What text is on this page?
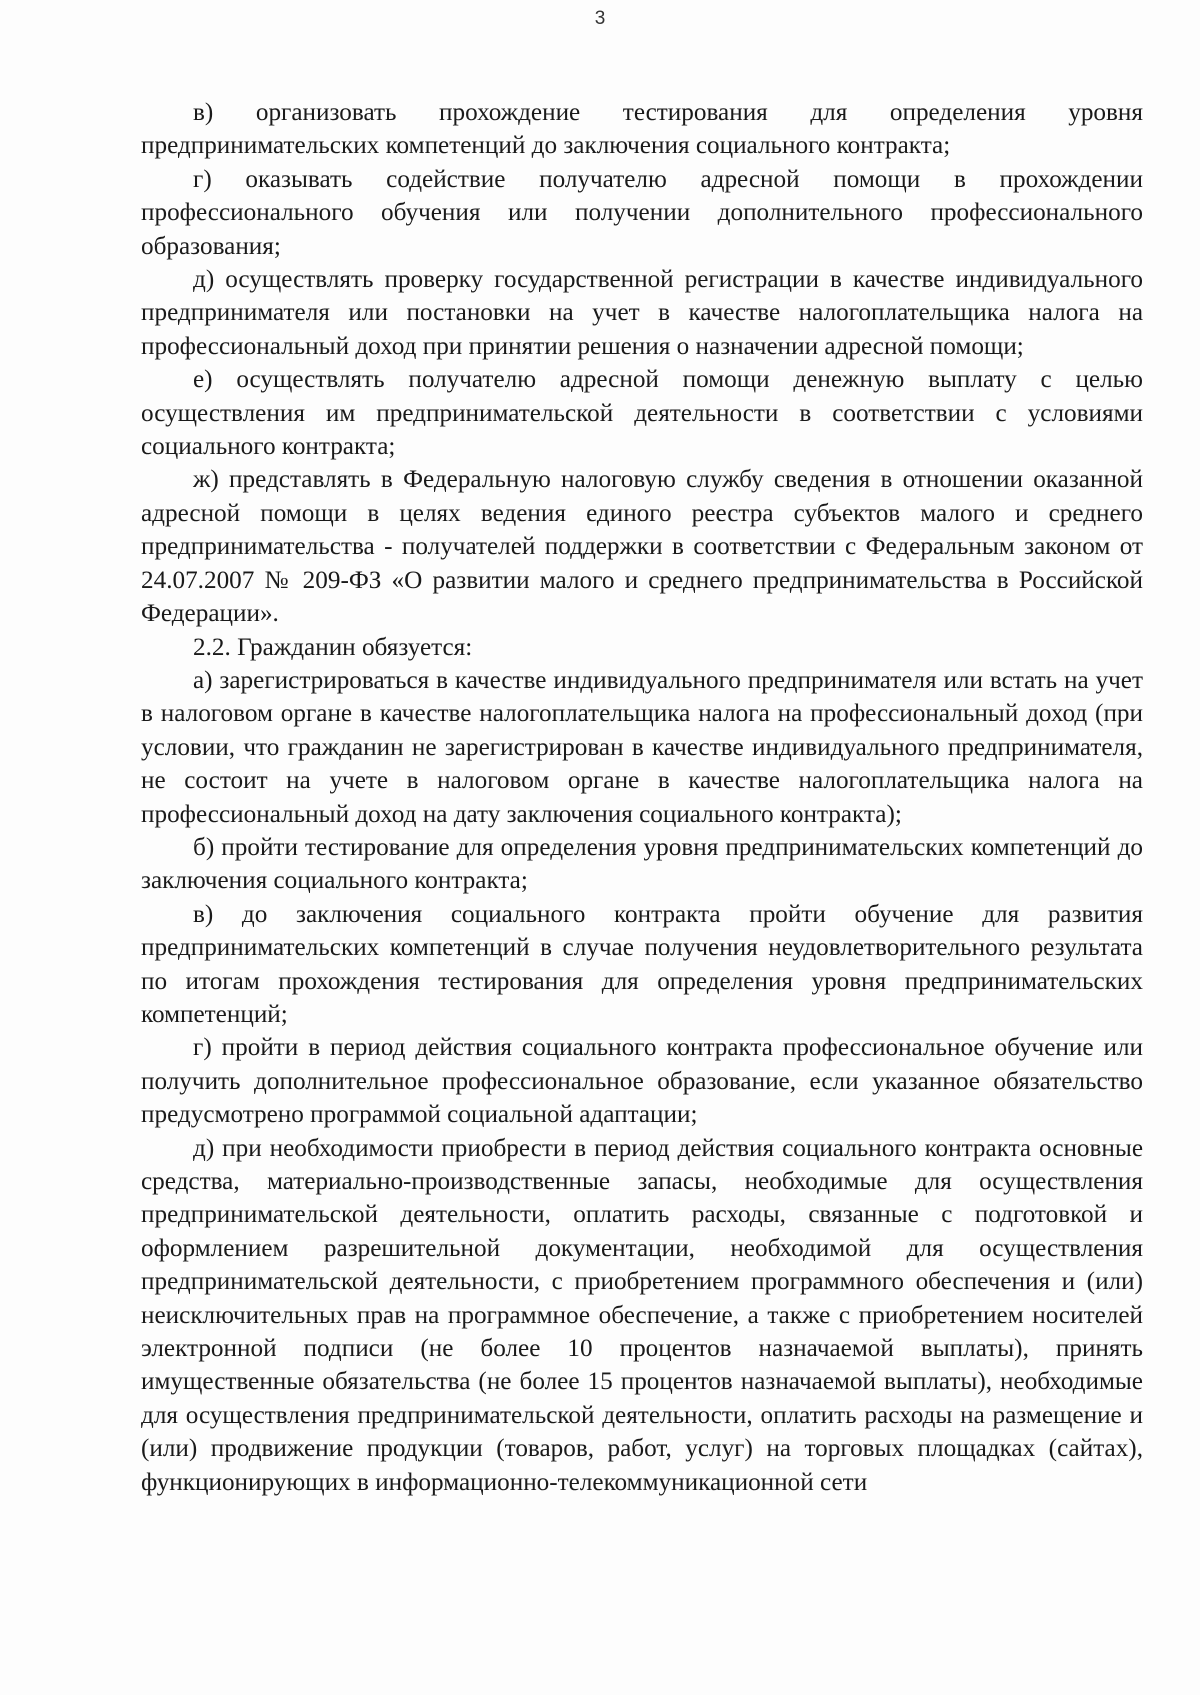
3

в) организовать прохождение тестирования для определения уровня предпринимательских компетенций до заключения социального контракта;

г) оказывать содействие получателю адресной помощи в прохождении профессионального обучения или получении дополнительного профессионального образования;

д) осуществлять проверку государственной регистрации в качестве индивидуального предпринимателя или постановки на учет в качестве налогоплательщика налога на профессиональный доход при принятии решения о назначении адресной помощи;

е) осуществлять получателю адресной помощи денежную выплату с целью осуществления им предпринимательской деятельности в соответствии с условиями социального контракта;

ж) представлять в Федеральную налоговую службу сведения в отношении оказанной адресной помощи в целях ведения единого реестра субъектов малого и среднего предпринимательства - получателей поддержки в соответствии с Федеральным законом от 24.07.2007 № 209-ФЗ «О развитии малого и среднего предпринимательства в Российской Федерации».

2.2. Гражданин обязуется:

а) зарегистрироваться в качестве индивидуального предпринимателя или встать на учет в налоговом органе в качестве налогоплательщика налога на профессиональный доход (при условии, что гражданин не зарегистрирован в качестве индивидуального предпринимателя, не состоит на учете в налоговом органе в качестве налогоплательщика налога на профессиональный доход на дату заключения социального контракта);

б) пройти тестирование для определения уровня предпринимательских компетенций до заключения социального контракта;

в) до заключения социального контракта пройти обучение для развития предпринимательских компетенций в случае получения неудовлетворительного результата по итогам прохождения тестирования для определения уровня предпринимательских компетенций;

г) пройти в период действия социального контракта профессиональное обучение или получить дополнительное профессиональное образование, если указанное обязательство предусмотрено программой социальной адаптации;

д) при необходимости приобрести в период действия социального контракта основные средства, материально-производственные запасы, необходимые для осуществления предпринимательской деятельности, оплатить расходы, связанные с подготовкой и оформлением разрешительной документации, необходимой для осуществления предпринимательской деятельности, с приобретением программного обеспечения и (или) неисключительных прав на программное обеспечение, а также с приобретением носителей электронной подписи (не более 10 процентов назначаемой выплаты), принять имущественные обязательства (не более 15 процентов назначаемой выплаты), необходимые для осуществления предпринимательской деятельности, оплатить расходы на размещение и (или) продвижение продукции (товаров, работ, услуг) на торговых площадках (сайтах), функционирующих в информационно-телекоммуникационной сети
